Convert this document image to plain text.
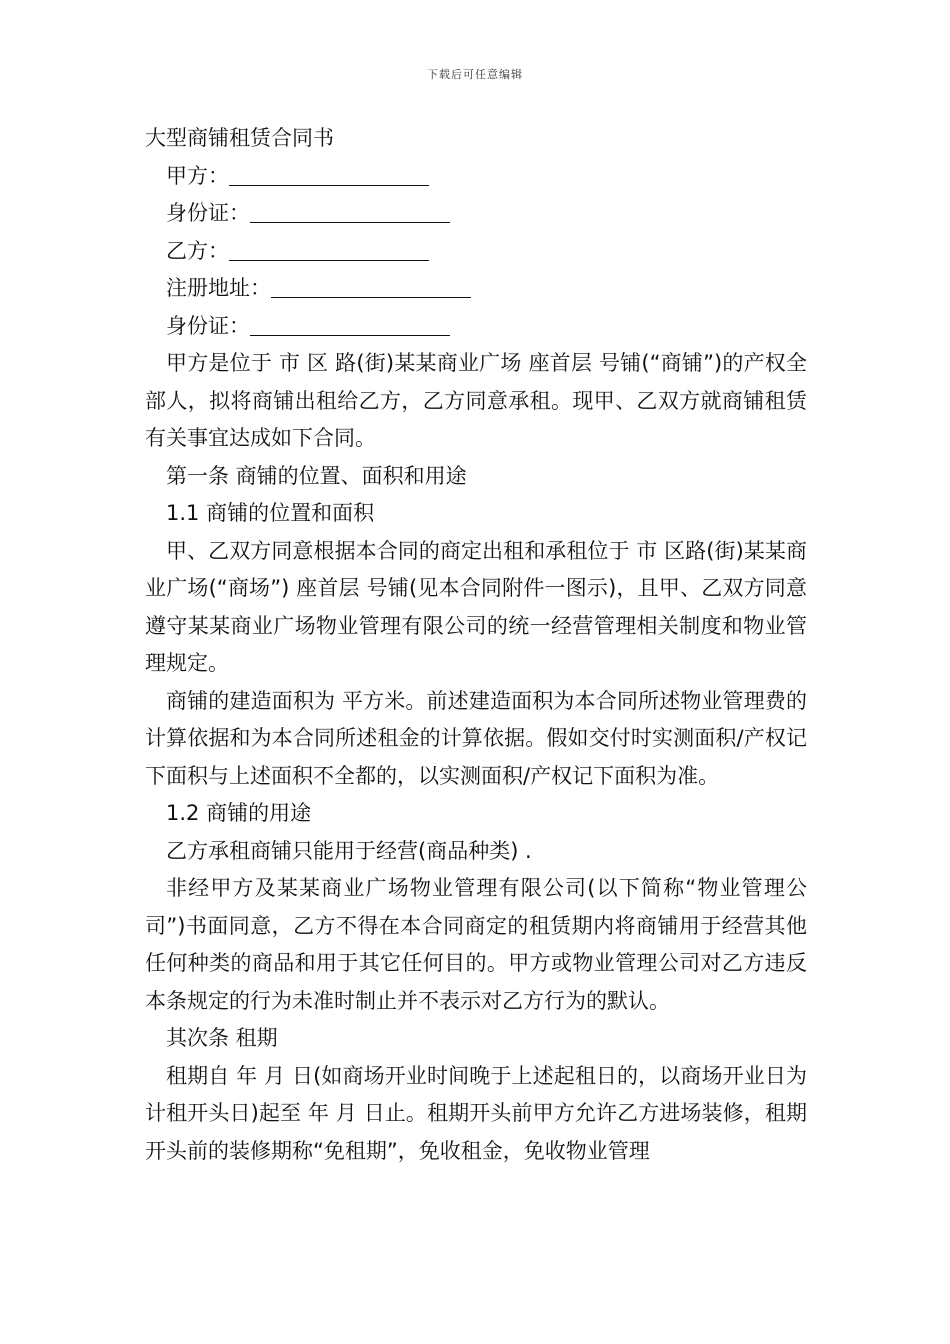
下载后可任意编辑
大型商铺租赁合同书
甲方：
身份证：
乙方：
注册地址：
身份证：
甲方是位于 市 区 路(街)某某商业广场 座首层 号铺(“商铺”)的产权全部人，拟将商铺出租给乙方，乙方同意承租。现甲、乙双方就商铺租赁有关事宜达成如下合同。
第一条 商铺的位置、面积和用途
1.1 商铺的位置和面积
甲、乙双方同意根据本合同的商定出租和承租位于 市 区路(街)某某商业广场(“商场”) 座首层 号铺(见本合同附件一图示)，且甲、乙双方同意遵守某某商业广场物业管理有限公司的统一经营管理相关制度和物业管理规定。
商铺的建造面积为 平方米。前述建造面积为本合同所述物业管理费的计算依据和为本合同所述租金的计算依据。假如交付时实测面积/产权记下面积与上述面积不全都的，以实测面积/产权记下面积为准。
1.2 商铺的用途
乙方承租商铺只能用于经营(商品种类) .
非经甲方及某某商业广场物业管理有限公司(以下简称“物业管理公司”)书面同意，乙方不得在本合同商定的租赁期内将商铺用于经营其他任何种类的商品和用于其它任何目的。甲方或物业管理公司对乙方违反本条规定的行为未准时制止并不表示对乙方行为的默认。
其次条 租期
租期自 年 月 日(如商场开业时间晚于上述起租日的，以商场开业日为计租开头日)起至 年 月 日止。租期开头前甲方允许乙方进场装修，租期开头前的装修期称“免租期”，免收租金，免收物业管理
